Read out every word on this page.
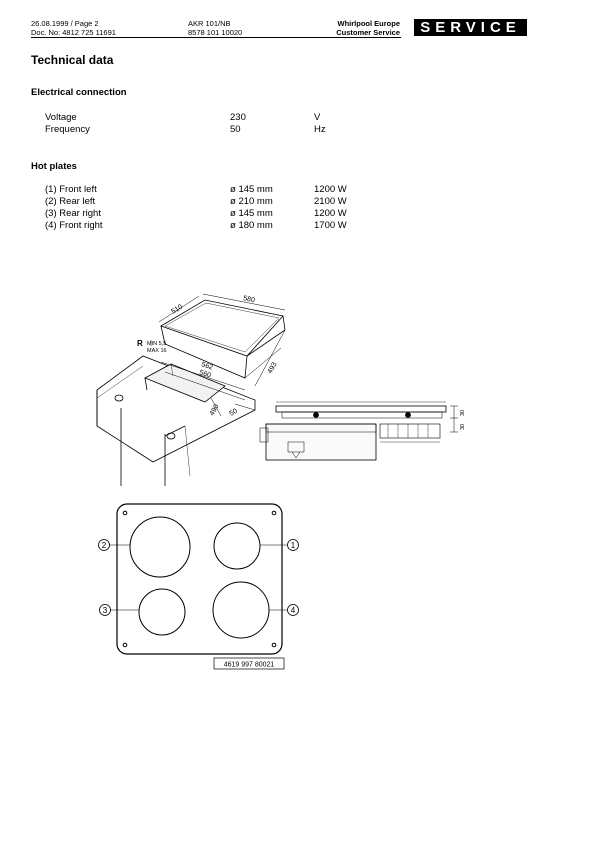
26.08.1999 / Page 2
Doc. No: 4812 725 11691
AKR 101/NB
8578 101 10020
Whirlpool Europe
Customer Service	SERVICE
Technical data
Electrical connection
Voltage	230	V
Frequency	50	Hz
Hot plates
(1) Front left	ø 145 mm	1200 W
(2) Rear left	ø 210 mm	2100 W
(3) Rear right	ø 145 mm	1200 W
(4) Front right	ø 180 mm	1700 W
580
510
R MIN 5,5
MAX 16
562
560	493
490 50	30
30
2	1
3	4
4619 997 80021
